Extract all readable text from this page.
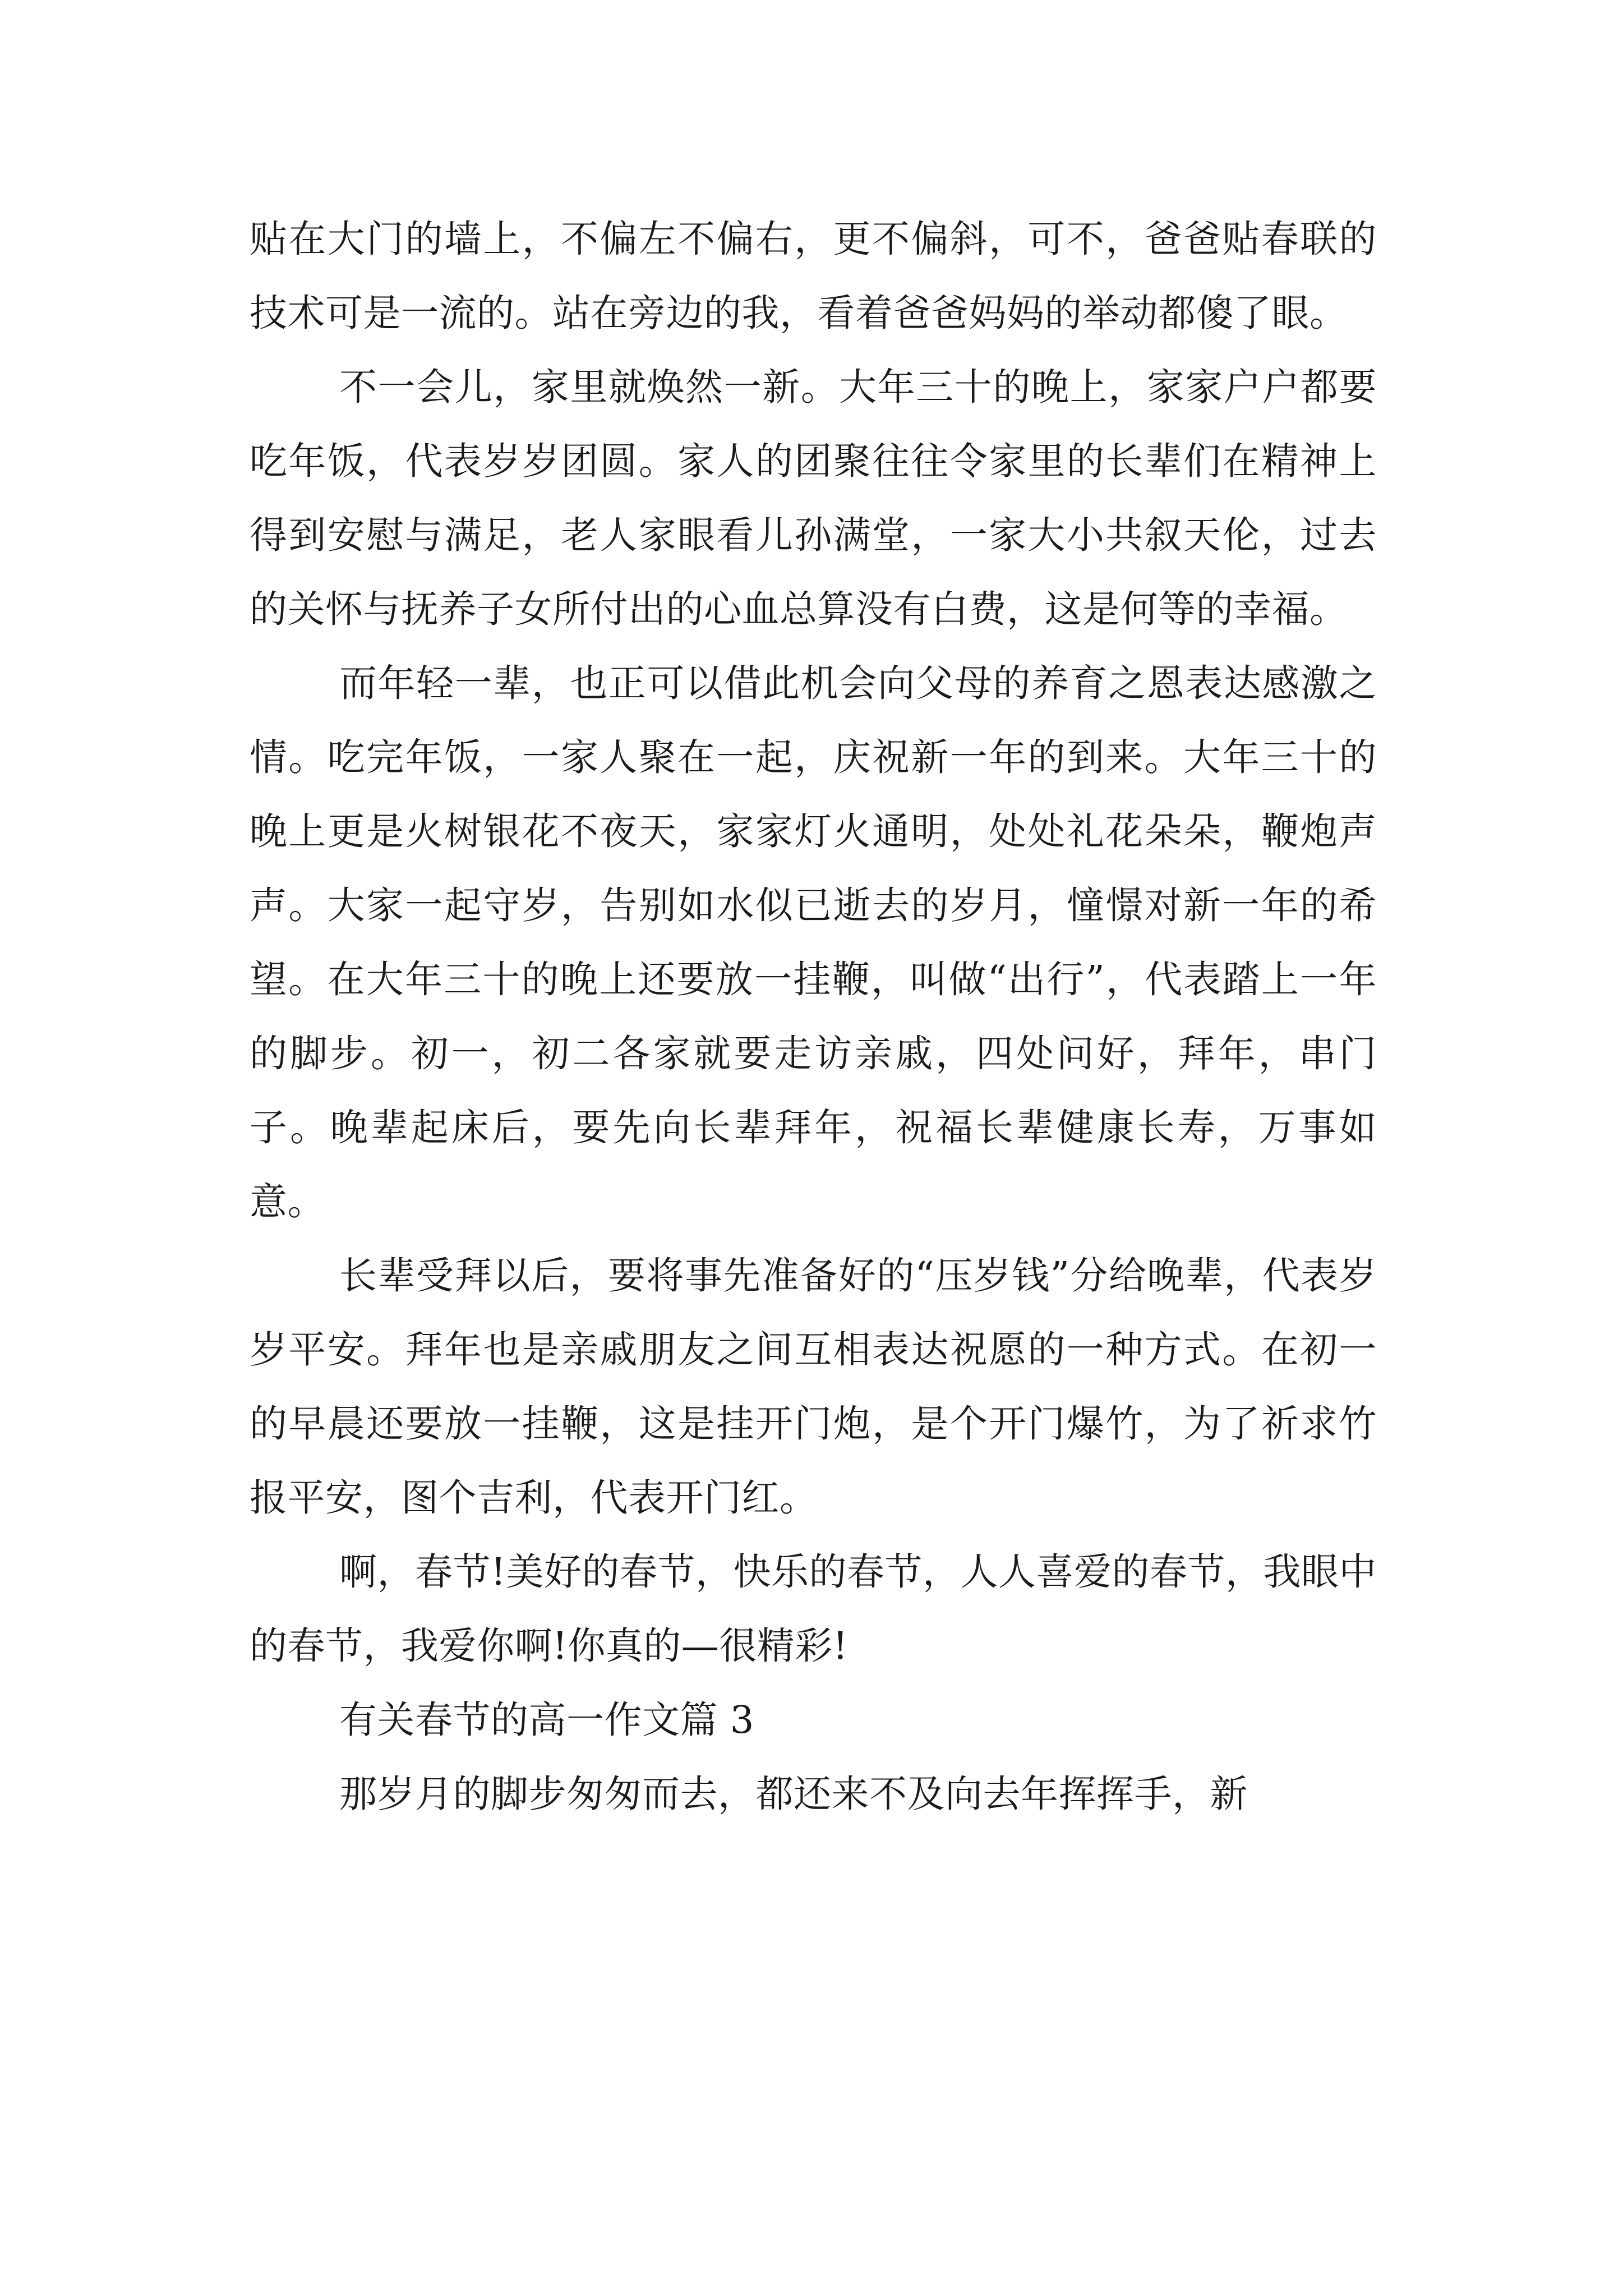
贴在大门的墙上，不偏左不偏右，更不偏斜，可不，爸爸贴春联的技术可是一流的。站在旁边的我，看着爸爸妈妈的举动都傻了眼。

不一会儿，家里就焕然一新。大年三十的晚上，家家户户都要吃年饭，代表岁岁团圆。家人的团聚往往令家里的长辈们在精神上得到安慰与满足，老人家眼看儿孙满堂，一家大小共叙天伦，过去的关怀与抚养子女所付出的心血总算没有白费，这是何等的幸福。

而年轻一辈，也正可以借此机会向父母的养育之恩表达感激之情。吃完年饭，一家人聚在一起，庆祝新一年的到来。大年三十的晚上更是火树银花不夜天，家家灯火通明，处处礼花朵朵，鞭炮声声。大家一起守岁，告别如水似已逝去的岁月，憧憬对新一年的希望。在大年三十的晚上还要放一挂鞭，叫做“出行”，代表踏上一年的脚步。初一，初二各家就要走访亲戚，四处问好，拜年，串门子。晚辈起床后，要先向长辈拜年，祝福长辈健康长寿，万事如意。

长辈受拜以后，要将事先准备好的“压岁钱”分给晚辈，代表岁岁平安。拜年也是亲戚朋友之间互相表达祝愿的一种方式。在初一的早晨还要放一挂鞭，这是挂开门炮，是个开门爆竹，为了祈求竹报平安，图个吉利，代表开门红。

啊，春节!美好的春节，快乐的春节，人人喜爱的春节，我眼中的春节，我爱你啊!你真的—很精彩!

有关春节的高一作文篇 3

那岁月的脚步匆匆而去，都还来不及向去年挥挥手，新
